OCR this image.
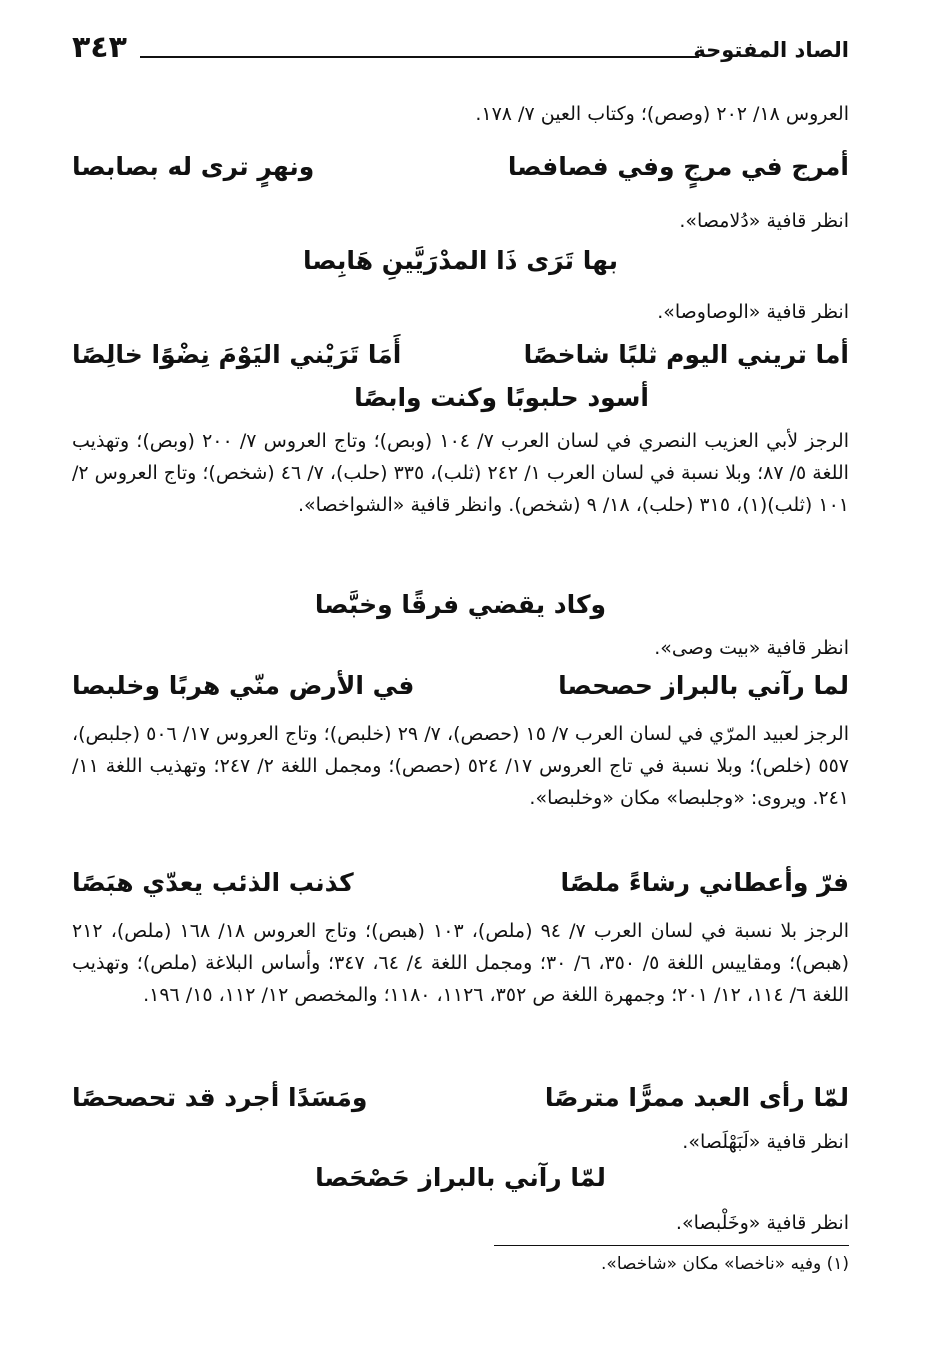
الصاد المفتوحة
٣٤٣
العروس ١٨/ ٢٠٢ (وصص)؛ وكتاب العين ٧/ ١٧٨.
أمرج في مرجٍ وفي فصافصا
ونهرٍ ترى له بصابصا
انظر قافية «دُلامصا».
بها تَرَى ذَا المدْرَيَّينِ هَابِصا
انظر قافية «الوصاوصا».
أما تريني اليوم ثلبًا شاخصًا
أَمَا تَرَيْني اليَوْمَ نِضْوًا خالِصًا
أسود حلبوبًا وكنت وابصًا
الرجز لأبي العزيب النصري في لسان العرب ٧/ ١٠٤ (وبص)؛ وتاج العروس ٧/ ٢٠٠ (وبص)؛ وتهذيب اللغة ٥/ ٨٧؛ وبلا نسبة في لسان العرب ١/ ٢٤٢ (ثلب)، ٣٣٥ (حلب)، ٧/ ٤٦ (شخص)؛ وتاج العروس ٢/ ١٠١ (ثلب)(١)، ٣١٥ (حلب)، ١٨/ ٩ (شخص). وانظر قافية «الشواخصا».
وكاد يقضي فرقًا وخبَّصا
انظر قافية «بيت وصى».
لما رآني بالبراز حصحصا
في الأرض منّي هربًا وخلبصا
الرجز لعبيد المرّي في لسان العرب ٧/ ١٥ (حصص)، ٧/ ٢٩ (خلبص)؛ وتاج العروس ١٧/ ٥٠٦ (جلبص)، ٥٥٧ (خلص)؛ وبلا نسبة في تاج العروس ١٧/ ٥٢٤ (حصص)؛ ومجمل اللغة ٢/ ٢٤٧؛ وتهذيب اللغة ١١/ ٢٤١. ويروى: «وجلبصا» مكان «وخلبصا».
فرّ وأعطاني رشاءً ملصًا
كذنب الذئب يعدّي هبَصًا
الرجز بلا نسبة في لسان العرب ٧/ ٩٤ (ملص)، ١٠٣ (هبص)؛ وتاج العروس ١٨/ ١٦٨ (ملص)، ٢١٢ (هبص)؛ ومقاييس اللغة ٥/ ٣٥٠، ٦/ ٣٠؛ ومجمل اللغة ٤/ ٦٤، ٣٤٧؛ وأساس البلاغة (ملص)؛ وتهذيب اللغة ٦/ ١١٤، ١٢/ ٢٠١؛ وجمهرة اللغة ص ٣٥٢، ١١٢٦، ١١٨٠؛ والمخصص ١٢/ ١١٢، ١٥/ ١٩٦.
لمّا رأى العبد ممرًّا مترصًا
ومَسَدًا أجرد قد تحصحصًا
انظر قافية «لَبَهْلَصا».
لمّا رآني بالبراز حَصْحَصا
انظر قافية «وخَلْبصا».
(١) وفيه «ناخصا» مكان «شاخصا».
